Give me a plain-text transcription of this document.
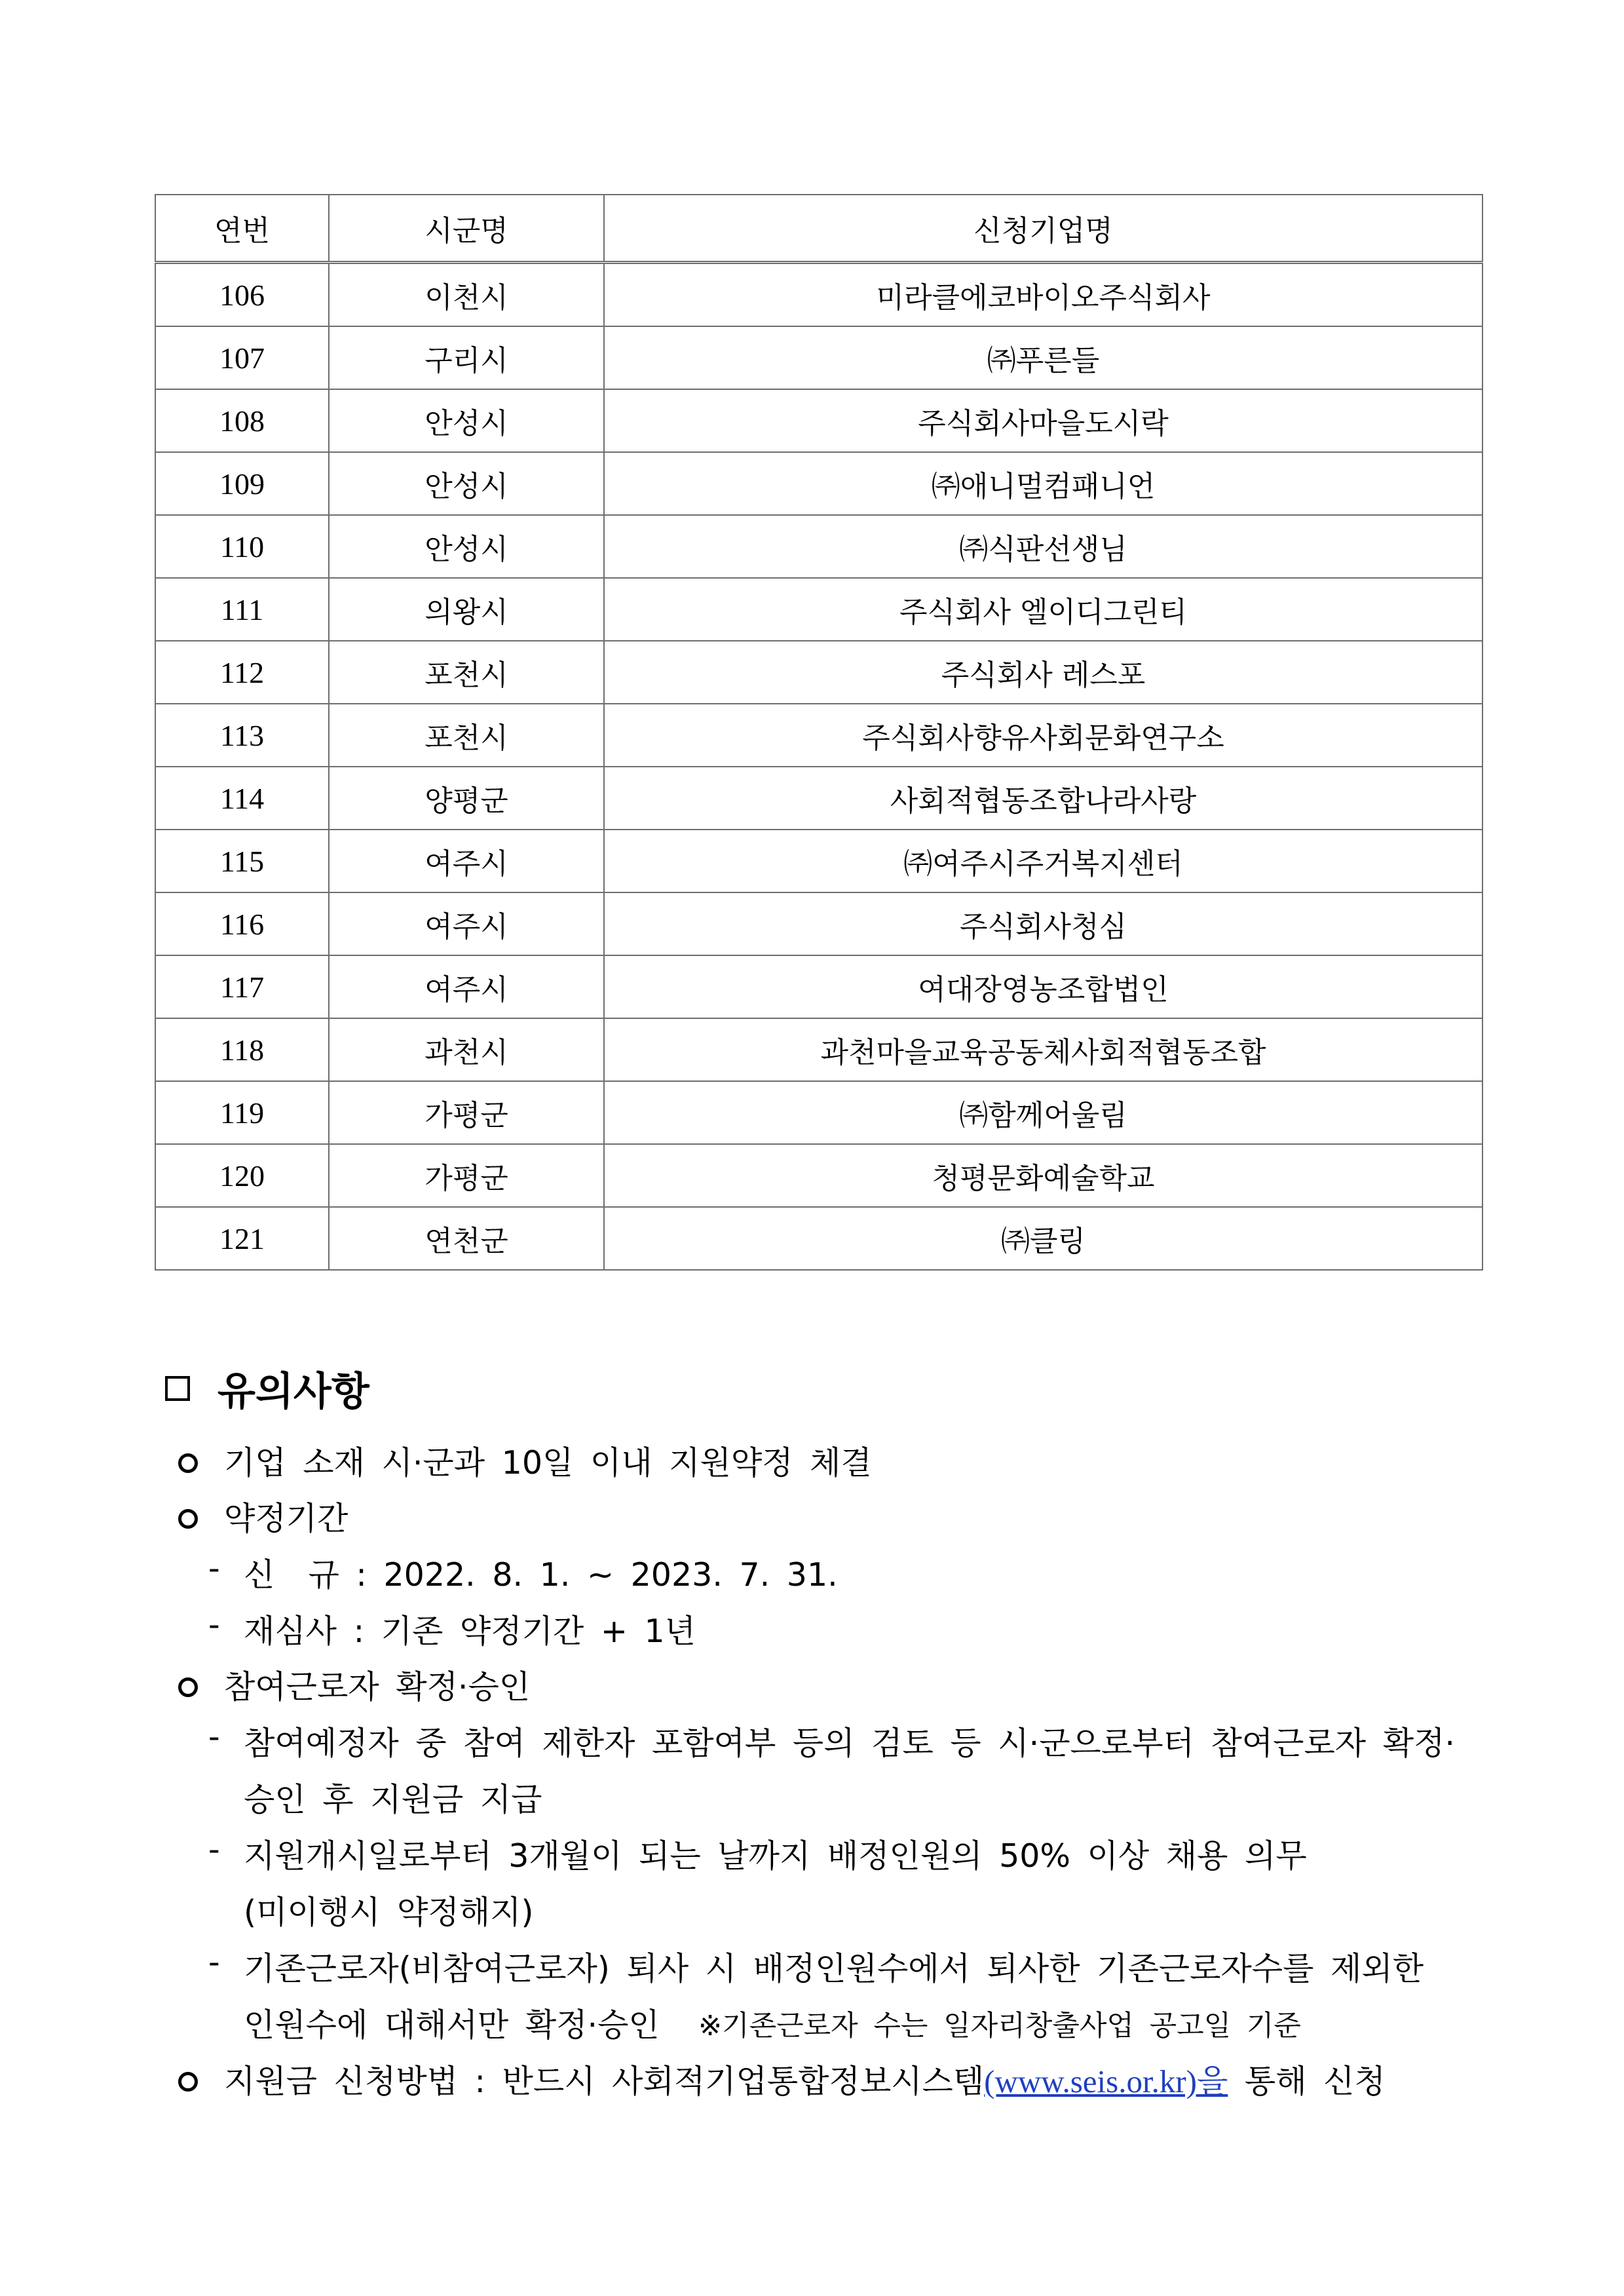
연번	시군명	신청기업명
106	이천시	미라클에코바이오주식회사
107	구리시	㈜푸른들
108	안성시	주식회사마을도시락
109	안성시	㈜애니멀컴패니언
110	안성시	㈜식판선생님
111	의왕시	주식회사 엘이디그린티
112	포천시	주식회사 레스포
113	포천시	주식회사향유사회문화연구소
114	양평군	사회적협동조합나라사랑
115	여주시	㈜여주시주거복지센터
116	여주시	주식회사청심
117	여주시	여대장영농조합법인
118	과천시	과천마을교육공동체사회적협동조합
119	가평군	㈜함께어울림
120	가평군	청평문화예술학교
121	연천군	㈜클링
유의사항
기업 소재 시·군과 10일 이내 지원약정 체결
약정기간
- 신  규 : 2022. 8. 1. ~ 2023. 7. 31.
- 재심사 : 기존 약정기간 + 1년
참여근로자 확정·승인
- 참여예정자 중 참여 제한자 포함여부 등의 검토 등 시·군으로부터 참여근로자 확정·
승인 후 지원금 지급
- 지원개시일로부터 3개월이 되는 날까지 배정인원의 50% 이상 채용 의무
(미이행시 약정해지)
- 기존근로자(비참여근로자) 퇴사 시 배정인원수에서 퇴사한 기존근로자수를 제외한
인원수에 대해서만 확정·승인 ※기존근로자 수는 일자리창출사업 공고일 기준
지원금 신청방법 : 반드시 사회적기업통합정보시스템(www.seis.or.kr)을 통해 신청
